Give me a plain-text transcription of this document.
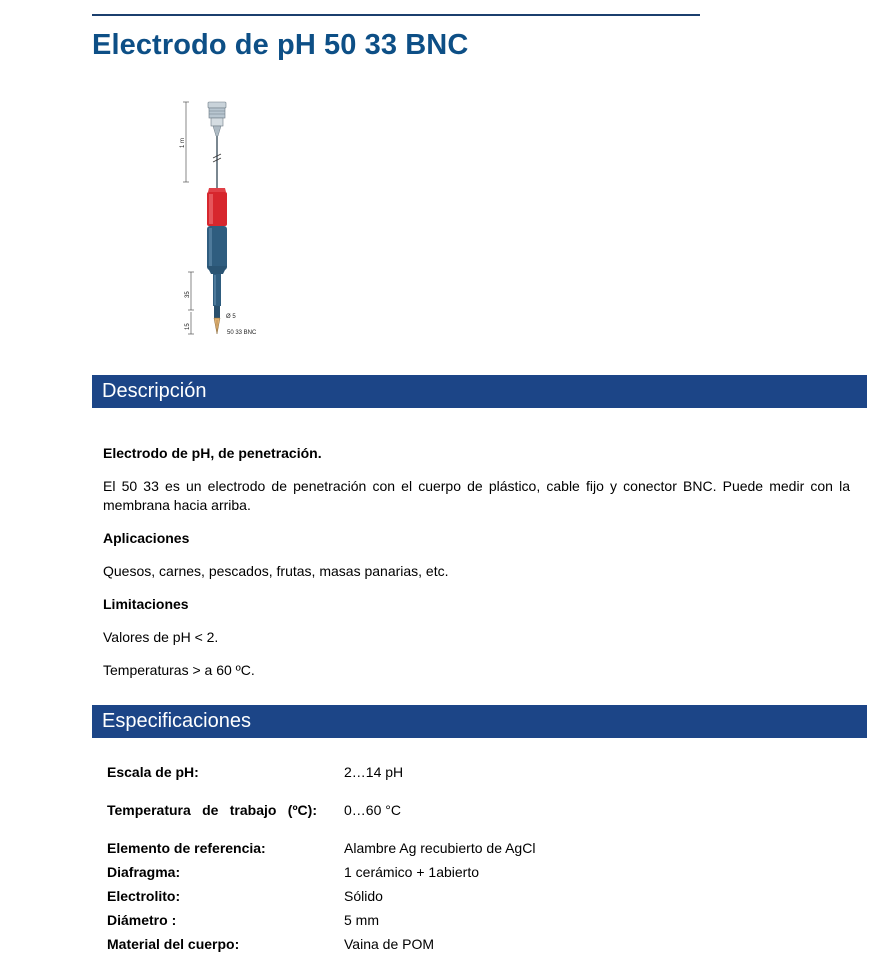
Electrodo de pH 50 33 BNC
1 m
35
15
Ø 5
50 33 BNC
Descripción

Electrodo de pH, de penetración.

El 50 33 es un electrodo de penetración con el cuerpo de plástico, cable fijo y conector BNC. Puede medir con la membrana hacia arriba.

Aplicaciones

Quesos, carnes, pescados, frutas, masas panarias, etc.

Limitaciones

Valores de pH < 2.

Temperaturas > a 60 ºC.

Especificaciones
Escala de pH:	2…14 pH
Temperatura de trabajo (ºC): 0…60 °C
Elemento de referencia:	Alambre Ag recubierto de AgCl
Diafragma:	1 cerámico + 1abierto
Electrolito:	Sólido
Diámetro :	5 mm
Material del cuerpo:	Vaina de POM
